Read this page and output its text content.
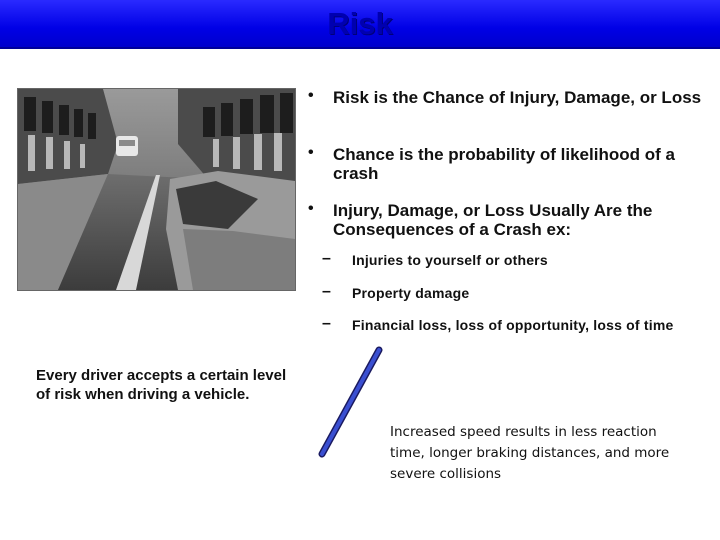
Risk
• Risk is the Chance of Injury, Damage, or Loss
• Chance is the probability of likelihood of a crash
• Injury, Damage, or Loss Usually Are the Consequences of a Crash ex:
– Injuries to yourself or others
– Property damage
– Financial loss, loss of opportunity, loss of time
Every driver accepts a certain level of risk when driving a vehicle.
Increased speed results in less reaction time, longer braking distances, and more severe collisions
